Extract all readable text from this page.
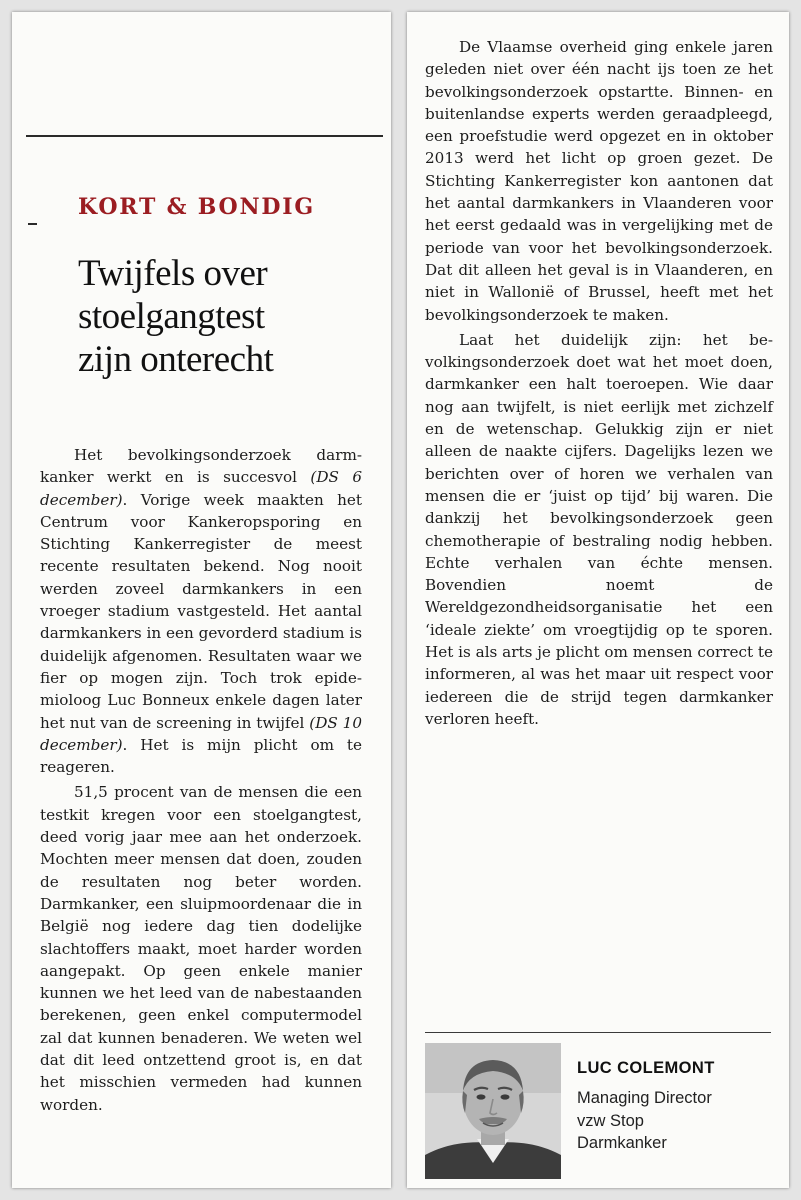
KORT & BONDIG
Twijfels over
stoelgangtest
zijn onterecht

Het bevolkingsonderzoek darmkanker werkt en is succesvol (DS 6 december). Vorige week maakten het Centrum voor Kankeropsporing en Stichting Kankerregister de meest recente resultaten bekend. Nog nooit werden zoveel darmkankers in een vroeger stadium vastgesteld. Het aantal darmkankers in een gevorderd stadium is duidelijk afgenomen. Resultaten waar we fier op mogen zijn. Toch trok epidemioloog Luc Bonneux enkele dagen later het nut van de screening in twijfel (DS 10 december). Het is mijn plicht om te reageren.

51,5 procent van de mensen die een testkit kregen voor een stoelgangtest, deed vorig jaar mee aan het onderzoek. Mochten meer mensen dat doen, zouden de resultaten nog beter worden. Darmkanker, een sluipmoordenaar die in België nog iedere dag tien dodelijke slachtoffers maakt, moet harder worden aangepakt. Op geen enkele manier kunnen we het leed van de nabestaanden berekenen, geen enkel computermodel zal dat kunnen benaderen. We weten wel dat dit leed ontzettend groot is, en dat het misschien vermeden had kunnen worden.

De Vlaamse overheid ging enkele jaren geleden niet over één nacht ijs toen ze het bevolkingsonderzoek opstartte. Binnen- en buitenlandse experts werden geraadpleegd, een proefstudie werd opgezet en in oktober 2013 werd het licht op groen gezet. De Stichting Kankerregister kon aantonen dat het aantal darmkankers in Vlaanderen voor het eerst gedaald was in vergelijking met de periode van voor het bevolkingsonderzoek. Dat dit alleen het geval is in Vlaanderen, en niet in Wallonië of Brussel, heeft met het bevolkingsonderzoek te maken.

Laat het duidelijk zijn: het bevolkingsonderzoek doet wat het moet doen, darmkanker een halt toeroepen. Wie daar nog aan twijfelt, is niet eerlijk met zichzelf en de wetenschap. Gelukkig zijn er niet alleen de naakte cijfers. Dagelijks lezen we berichten over of horen we verhalen van mensen die er ‘juist op tijd’ bij waren. Die dankzij het bevolkingsonderzoek geen chemotherapie of bestraling nodig hebben. Echte verhalen van échte mensen. Bovendien noemt de Wereldgezondheidsorganisatie het een ‘ideale ziekte’ om vroegtijdig op te sporen. Het is als arts je plicht om mensen correct te informeren, al was het maar uit respect voor iedereen die de strijd tegen darmkanker verloren heeft.

LUC COLEMONT
Managing Director
vzw Stop
Darmkanker
